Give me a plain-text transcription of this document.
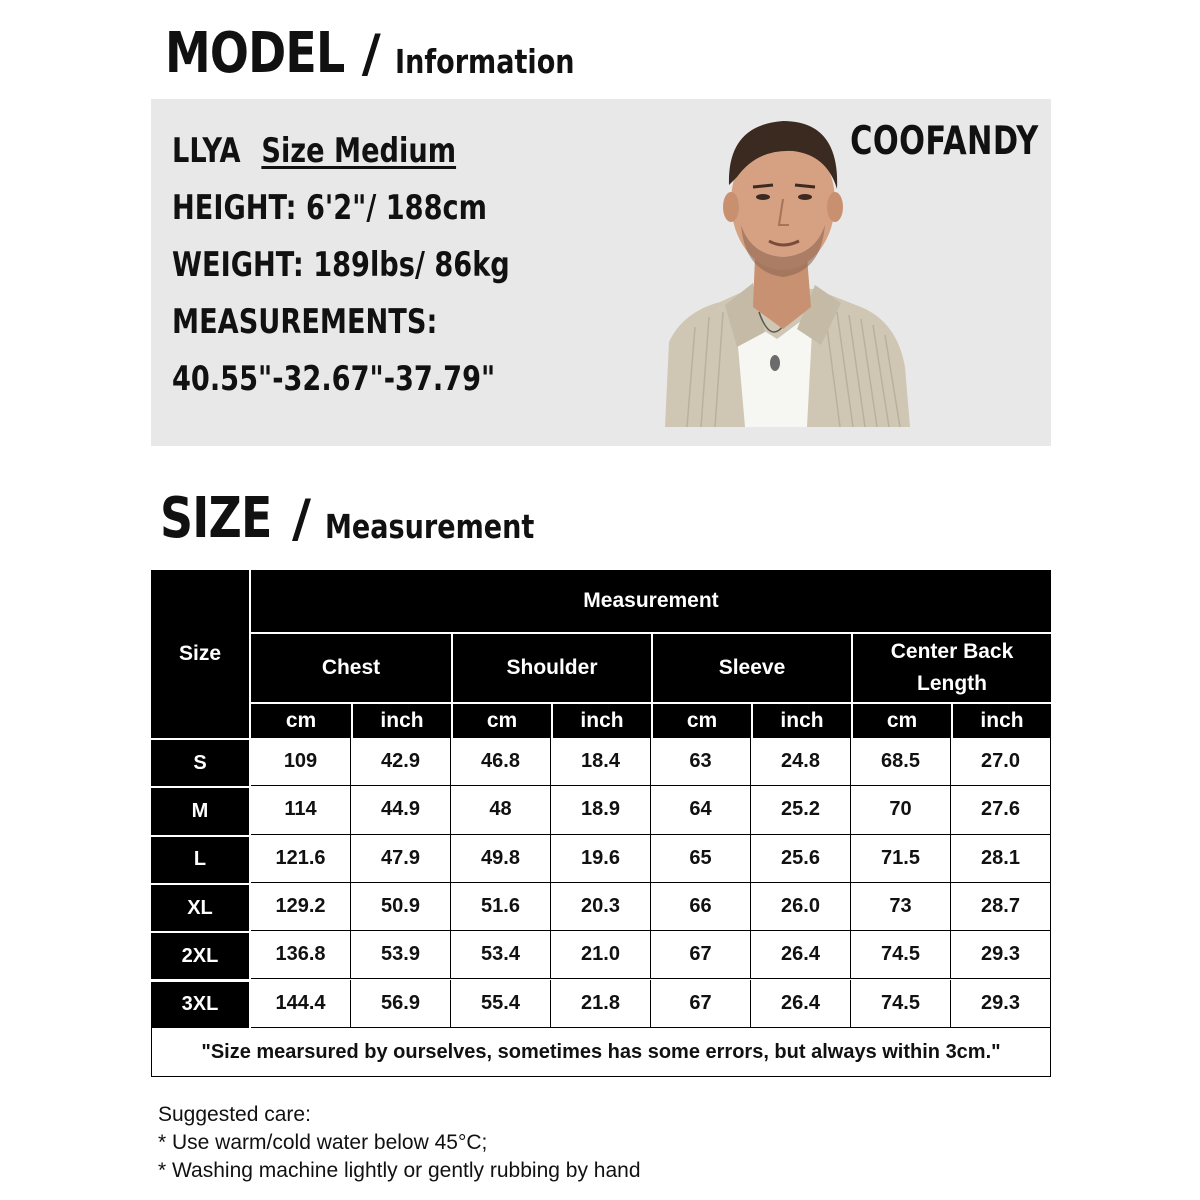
MODEL / Information
LLYA Size Medium
HEIGHT: 6'2"/ 188cm
WEIGHT: 189lbs/ 86kg
MEASUREMENTS:
40.55"-32.67"-37.79"
COOFANDY
SIZE / Measurement
Size
Measurement
Chest	Shoulder	Sleeve
Center Back Length
cm	inch	cm	inch	cm	inch	cm	inch
S	109	42.9	46.8	18.4	63	24.8	68.5	27.0
M	114	44.9	48	18.9	64	25.2	70	27.6
L	121.6	47.9	49.8	19.6	65	25.6	71.5	28.1
XL	129.2	50.9	51.6	20.3	66	26.0	73	28.7
2XL	136.8	53.9	53.4	21.0	67	26.4	74.5	29.3
3XL	144.4	56.9	55.4	21.8	67	26.4	74.5	29.3
"Size mearsured by ourselves, sometimes has some errors, but always within 3cm."
Suggested care:
* Use warm/cold water below 45°C;
* Washing machine lightly or gently rubbing by hand
